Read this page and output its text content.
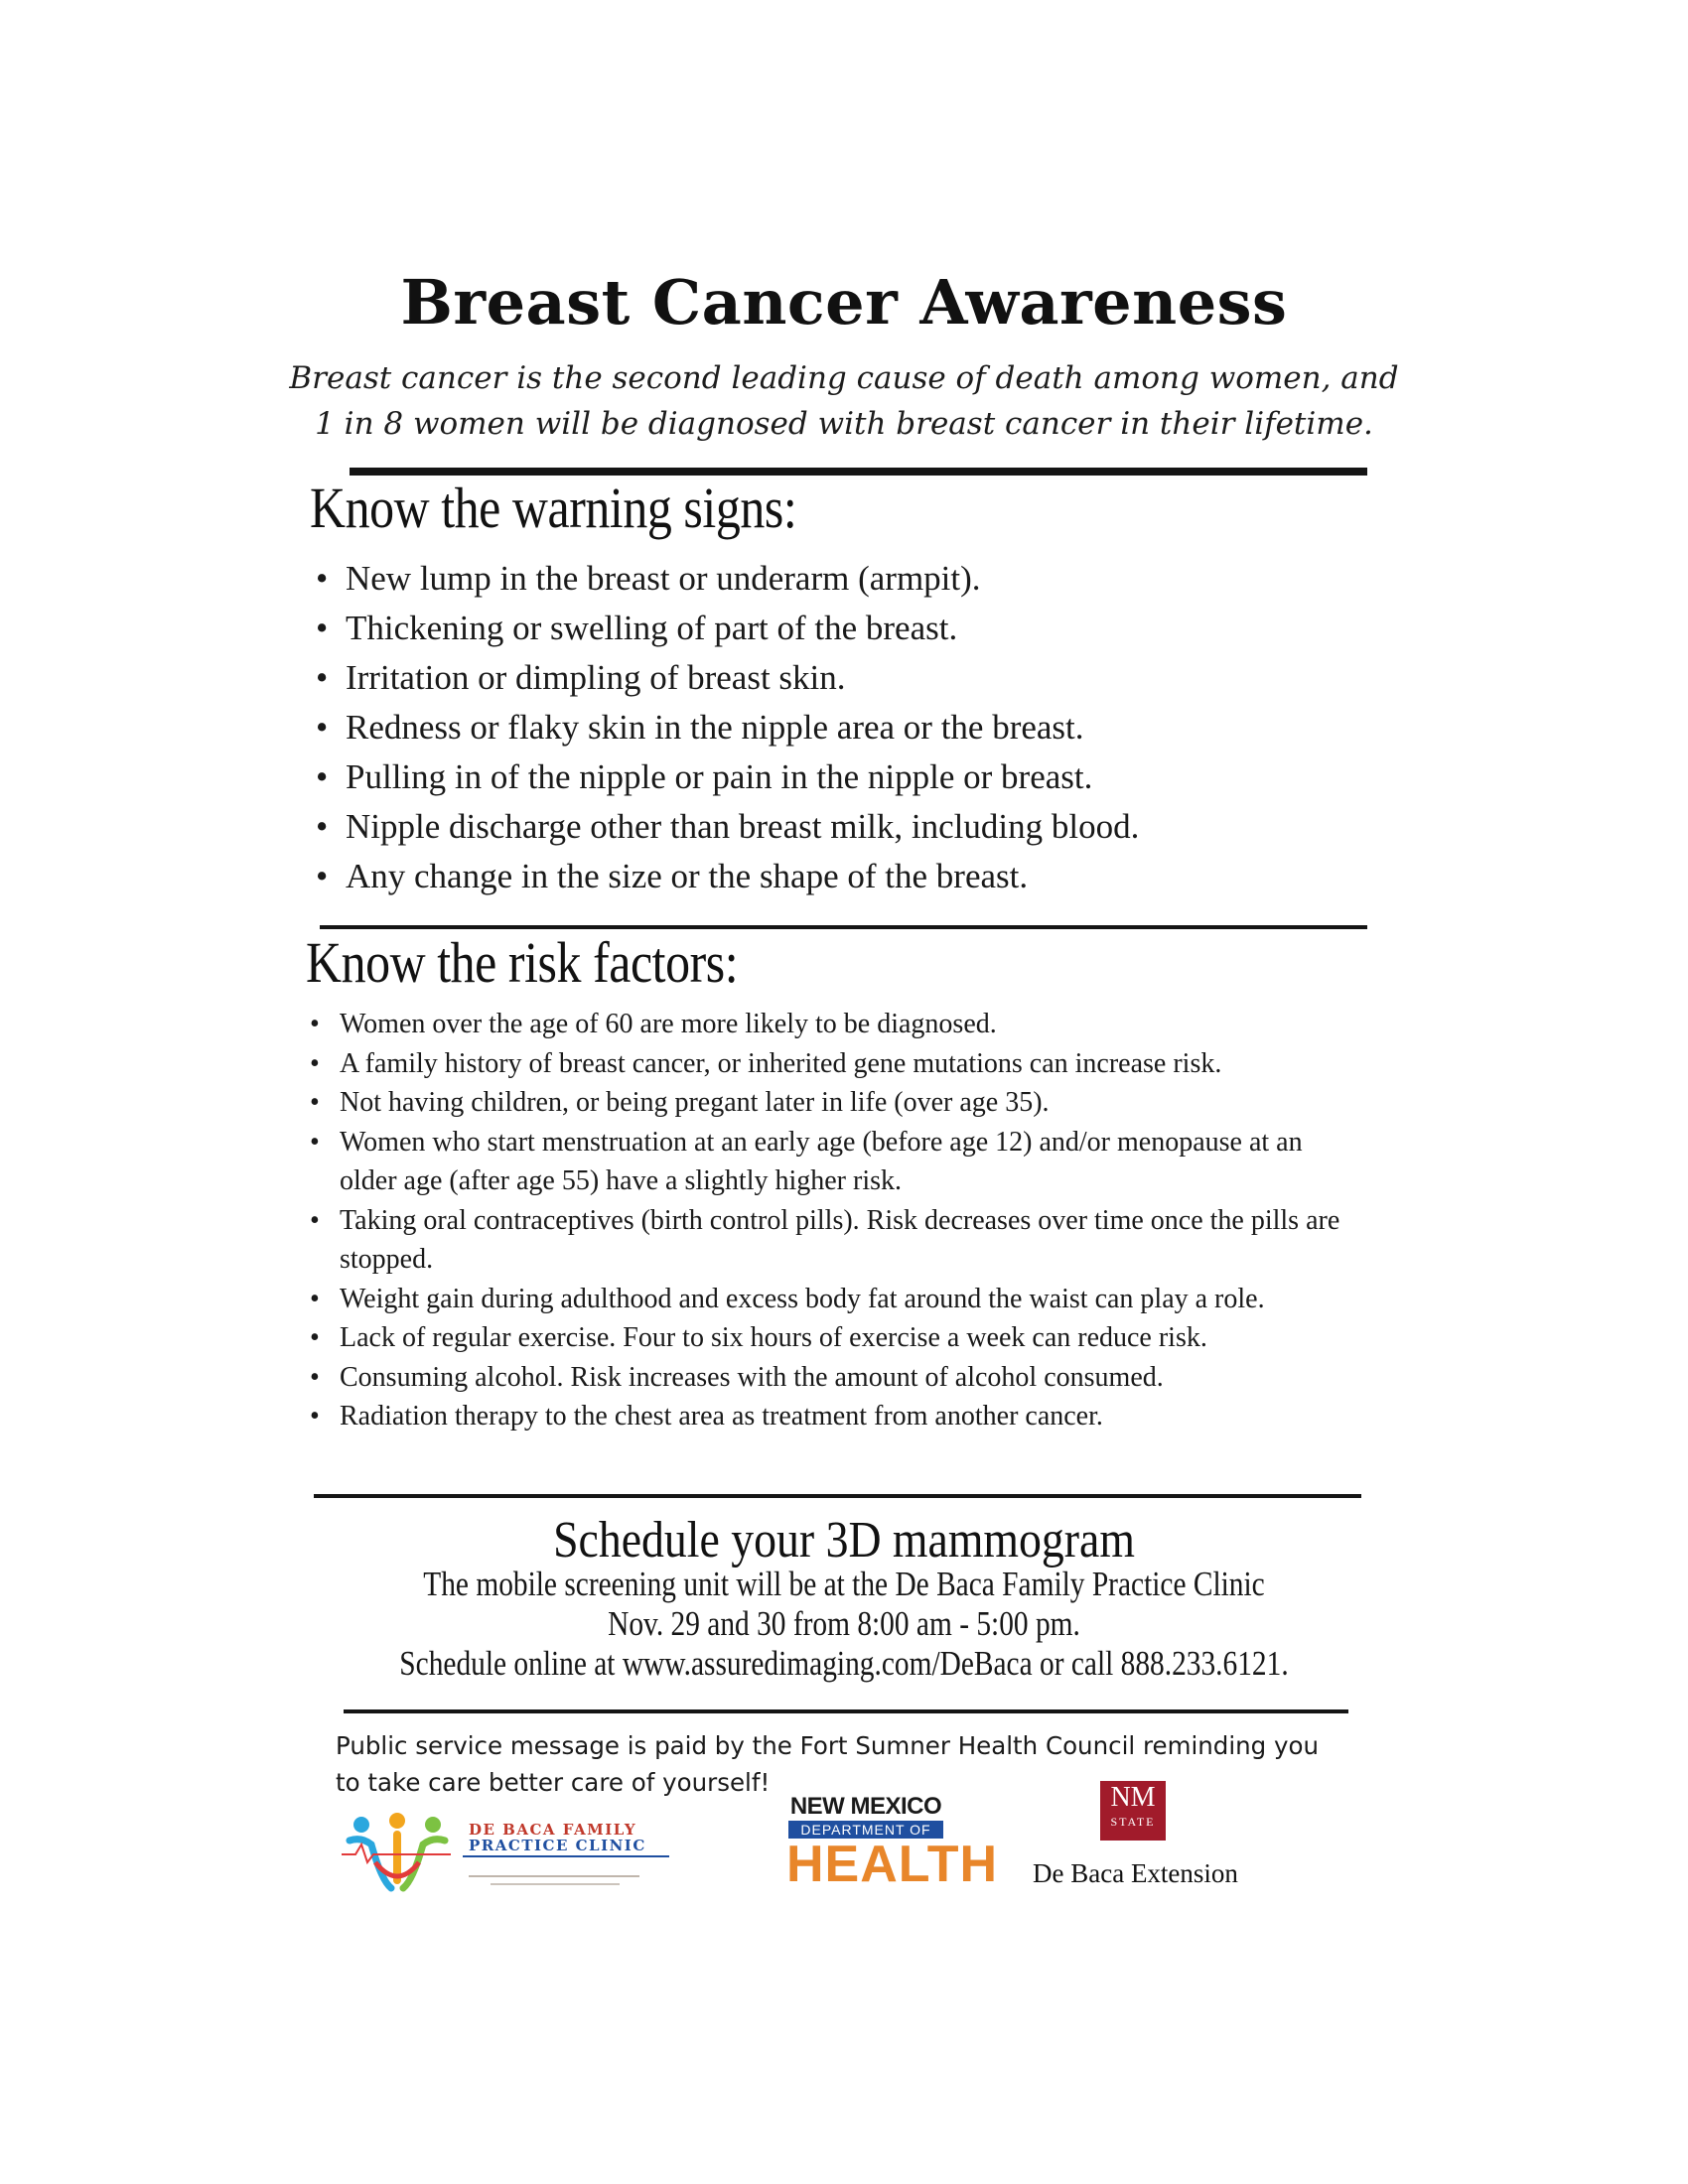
Breast Cancer Awareness
Breast cancer is the second leading cause of death among women, and
1 in 8 women will be diagnosed with breast cancer in their lifetime.
Know the warning signs:
• New lump in the breast or underarm (armpit).
• Thickening or swelling of part of the breast.
• Irritation or dimpling of breast skin.
• Redness or flaky skin in the nipple area or the breast.
• Pulling in of the nipple or pain in the nipple or breast.
• Nipple discharge other than breast milk, including blood.
• Any change in the size or the shape of the breast.
Know the risk factors:
• Women over the age of 60 are more likely to be diagnosed.
• A family history of breast cancer, or inherited gene mutations can increase risk.
• Not having children, or being pregant later in life (over age 35).
• Women who start menstruation at an early age (before age 12) and/or menopause at an older age (after age 55) have a slightly higher risk.
• Taking oral contraceptives (birth control pills). Risk decreases over time once the pills are stopped.
• Weight gain during adulthood and excess body fat around the waist can play a role.
• Lack of regular exercise. Four to six hours of exercise a week can reduce risk.
• Consuming alcohol. Risk increases with the amount of alcohol consumed.
• Radiation therapy to the chest area as treatment from another cancer.
Schedule your 3D mammogram
The mobile screening unit will be at the De Baca Family Practice Clinic
Nov. 29 and 30 from 8:00 am - 5:00 pm.
Schedule online at www.assuredimaging.com/DeBaca or call 888.233.6121.
Public service message is paid by the Fort Sumner Health Council reminding you
to take care better care of yourself!
DE BACA FAMILY
PRACTICE CLINIC
NEW MEXICO
DEPARTMENT OF
HEALTH
NM
STATE
De Baca Extension
